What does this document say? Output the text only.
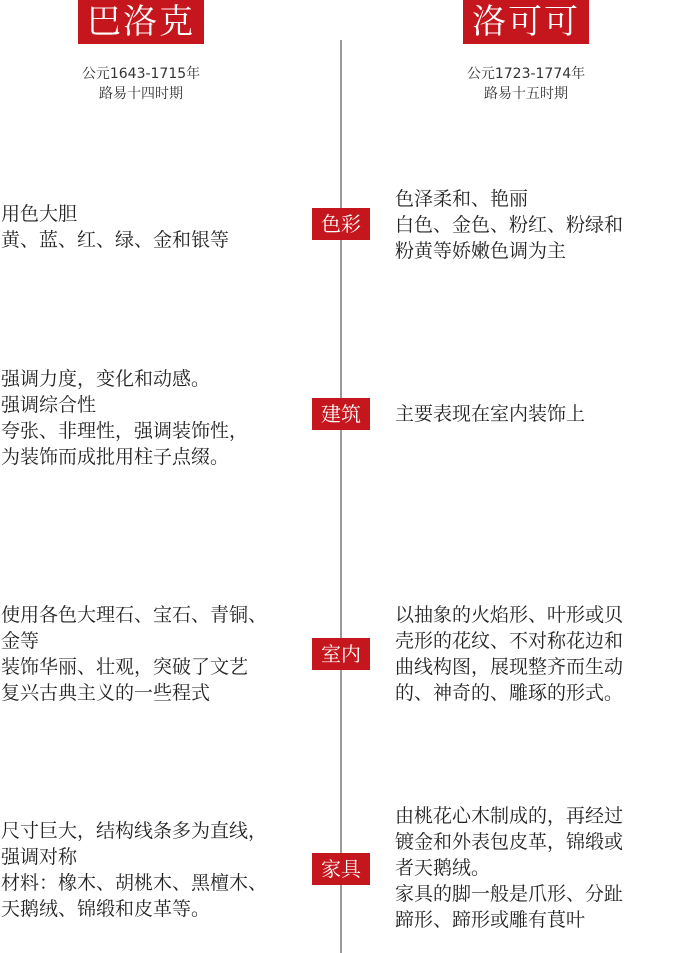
巴洛克	洛可可
公元1643-1715年
路易十四时期
公元1723-1774年
路易十五时期
色彩
用色大胆
黄、蓝、红、绿、金和银等
色泽柔和、艳丽
白色、金色、粉红、粉绿和
粉黄等娇嫩色调为主
建筑
强调力度，变化和动感。
强调综合性
夸张、非理性，强调装饰性，
为装饰而成批用柱子点缀。
主要表现在室内装饰上
室内
使用各色大理石、宝石、青铜、
金等
装饰华丽、壮观，突破了文艺
复兴古典主义的一些程式
以抽象的火焰形、叶形或贝
壳形的花纹、不对称花边和
曲线构图，展现整齐而生动
的、神奇的、雕琢的形式。
家具
尺寸巨大，结构线条多为直线，
强调对称
材料：橡木、胡桃木、黑檀木、
天鹅绒、锦缎和皮革等。
由桃花心木制成的，再经过
镀金和外表包皮革，锦缎或
者天鹅绒。
家具的脚一般是爪形、分趾
蹄形、蹄形或雕有茛叶
